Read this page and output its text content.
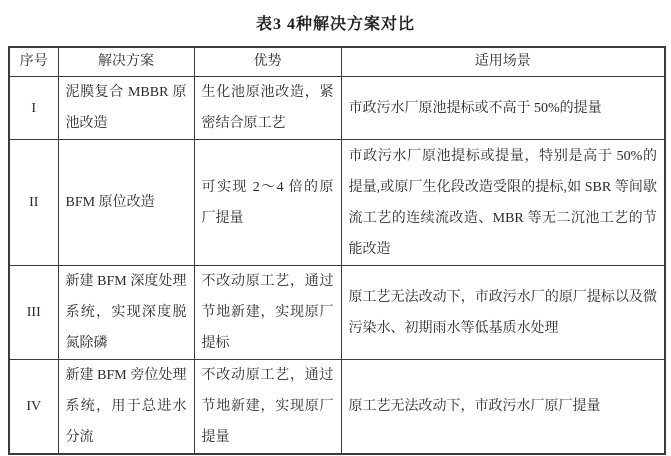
表3 4种解决方案对比
序号	解决方案	优势	适用场景
I	泥膜复合 MBBR 原池改造	生化池原池改造，紧密结合原工艺	市政污水厂原池提标或不高于 50%的提量
II	BFM 原位改造	可实现 2～4 倍的原厂提量	市政污水厂原池提标或提量，特别是高于 50%的提量,或原厂生化段改造受限的提标,如 SBR 等间歇流工艺的连续流改造、MBR 等无二沉池工艺的节能改造
III	新建 BFM 深度处理系统，实现深度脱氮除磷	不改动原工艺，通过节地新建，实现原厂提标	原工艺无法改动下，市政污水厂的原厂提标以及微污染水、初期雨水等低基质水处理
IV	新建 BFM 旁位处理系统，用于总进水分流	不改动原工艺，通过节地新建，实现原厂提量	原工艺无法改动下，市政污水厂原厂提量
